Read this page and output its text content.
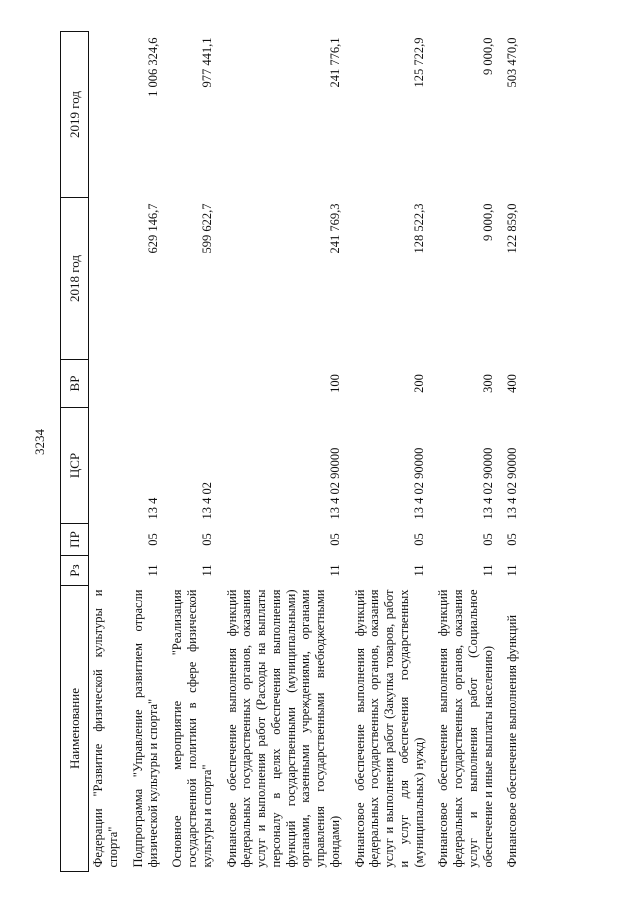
3234
Наименование	Рз	ПР	ЦСР	ВР	2018 год	2019 год
Федерации "Развитие физической культуры и спорта"						
Подпрограмма "Управление развитием отрасли физической культуры и спорта"	11	05	13 4		629 146,7	1 006 324,6
Основное мероприятие "Реализация государственной политики в сфере физической культуры и спорта"	11	05	13 4 02		599 622,7	977 441,1
Финансовое обеспечение выполнения функций федеральных государственных органов, оказания услуг и выполнения работ (Расходы на выплаты персоналу в целях обеспечения выполнения функций государственными (муниципальными) органами, казенными учреждениями, органами управления государственными внебюджетными фондами)	11	05	13 4 02 90000	100	241 769,3	241 776,1
Финансовое обеспечение выполнения функций федеральных государственных органов, оказания услуг и выполнения работ (Закупка товаров, работ и услуг для обеспечения государственных (муниципальных) нужд)	11	05	13 4 02 90000	200	128 522,3	125 722,9
Финансовое обеспечение выполнения функций федеральных государственных органов, оказания услуг и выполнения работ (Социальное обеспечение и иные выплаты населению)	11	05	13 4 02 90000	300	9 000,0	9 000,0
Финансовое обеспечение выполнения функций	11	05	13 4 02 90000	400	122 859,0	503 470,0
